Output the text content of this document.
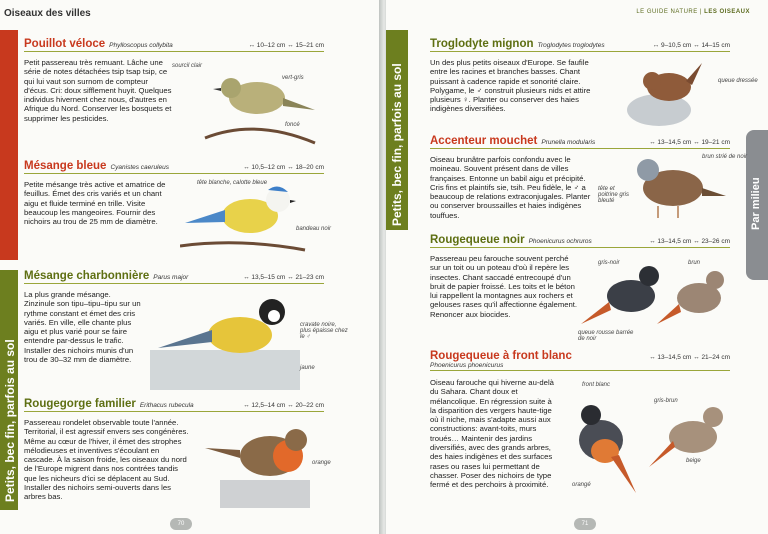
Oiseaux des villes
Petits, bec fin, parfois au sol
Pouillot véloce Phylloscopus collybita	↔ 10–12 cm ↔ 15–21 cm
Petit passereau très remuant. Lâche une série de notes détachées tsip tsap tsip, ce qui lui vaut son surnom de compteur d'écus. Cri: doux sifflement huyit. Quelques individus hivernent chez nous, d'autres en Afrique du Nord. Conserver les bosquets et supprimer les pesticides.
sourcil clair
vert-gris
foncé
Mésange bleue Cyanistes caeruleus	↔ 10,5–12 cm ↔ 18–20 cm
Petite mésange très active et amatrice de feuillus. Émet des cris variés et un chant aigu et fluide terminé en trille. Visite beaucoup les mangeoires. Fournir des nichoirs au trou de 25 mm de diamètre.
tête blanche, calotte bleue
bandeau noir
Mésange charbonnière Parus major	↔ 13,5–15 cm ↔ 21–23 cm
La plus grande mésange. Zinzinule son tipu–tipu–tipu sur un rythme constant et émet des cris variés. En ville, elle chante plus aigu et plus varié pour se faire entendre par-dessus le trafic. Installer des nichoirs munis d'un trou de 30–32 mm de diamètre.
cravate noire, plus épaisse chez le ♂
jaune
Rougegorge familier Erithacus rubecula	↔ 12,5–14 cm ↔ 20–22 cm
Passereau rondelet observable toute l'année. Territorial, il est agressif envers ses congénères. Même au cœur de l'hiver, il émet des strophes mélodieuses et inventives s'écoulant en cascade. À la saison froide, les oiseaux du nord de l'Europe migrent dans nos contrées tandis que les nicheurs d'ici se déplacent au Sud. Installer des nichoirs semi-ouverts dans les arbres bas.
orange
70
LE GUIDE NATURE | LES OISEAUX
Petits, bec fin, parfois au sol	Par milieu
Troglodyte mignon Troglodytes troglodytes	↔ 9–10,5 cm ↔ 14–15 cm
Un des plus petits oiseaux d'Europe. Se faufile entre les racines et branches basses. Chant puissant à cadence rapide et sonorité claire. Polygame, le ♂ construit plusieurs nids et attire plusieurs ♀. Planter ou conserver des haies indigènes diversifiées.
queue dressée
Accenteur mouchet Prunella modularis	↔ 13–14,5 cm ↔ 19–21 cm
Oiseau brunâtre parfois confondu avec le moineau. Souvent présent dans de villes françaises. Entonne un babil aigu et précipité. Cris fins et plaintifs sie, tsih. Peu fidèle, le ♂ a beaucoup de relations extraconjugales. Planter ou conserver broussailles et haies indigènes touffues.
brun strié de noir
tête et poitrine gris bleuté
Rougequeue noir Phoenicurus ochruros	↔ 13–14,5 cm ↔ 23–26 cm
Passereau peu farouche souvent perché sur un toit ou un poteau d'où il repère les insectes. Chant saccadé entrecoupé d'un bruit de papier froissé. Les toits et le béton lui rappellent la montagnes aux rochers et gelouses rases qu'il affectionne également. Renoncer aux biocides.
gris-noir	brun
queue rousse barrée de noir
Rougequeue à front blanc	↔ 13–14,5 cm ↔ 21–24 cm
Phoenicurus phoenicurus
Oiseau farouche qui hiverne au-delà du Sahara. Chant doux et mélancolique. En régression suite à la disparition des vergers haute-tige où il niche, mais s'adapte aussi aux constructions: avant-toits, murs troués… Maintenir des jardins diversifiés, avec des grands arbres, des haies indigènes et des surfaces rases ou rases lui permettant de chasser. Poser des nichoirs de type fermé et des perchoirs à proximité.
front blanc
gris-brun
beige
orangé
71
